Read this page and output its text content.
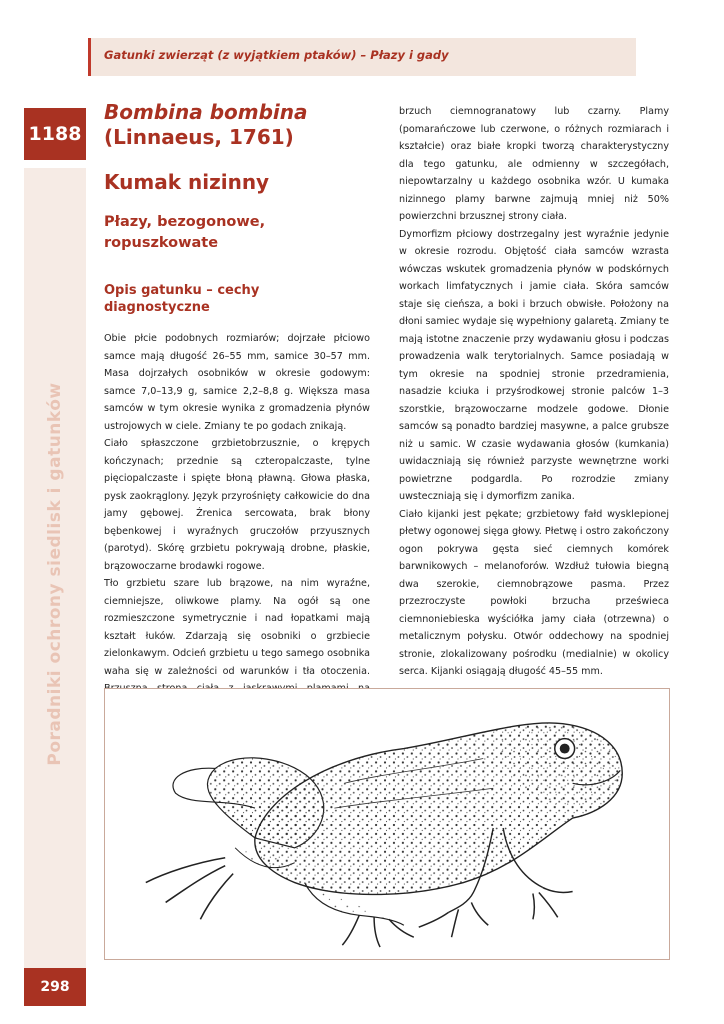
Gatunki zwierząt (z wyjątkiem ptaków) – Płazy i gady
1188
Poradniki ochrony siedlisk i gatunków
298
Bombina bombina
(Linnaeus, 1761)
Kumak nizinny
Płazy, bezogonowe,
ropuszkowate
Opis gatunku – cechy
diagnostyczne

Obie płcie podobnych rozmiarów; dojrzałe płciowo samce mają długość 26–55 mm, samice 30–57 mm. Masa dojrzałych osobników w okresie godowym: samce 7,0–13,9 g, samice 2,2–8,8 g. Większa masa samców w tym okresie wynika z gromadzenia płynów ustrojowych w ciele. Zmiany te po godach znikają.

Ciało spłaszczone grzbietobrzusznie, o krępych kończynach; przednie są czteropalczaste, tylne pięciopalczaste i spięte błoną pławną. Głowa płaska, pysk zaokrąglony. Język przyrośnięty całkowicie do dna jamy gębowej. Źrenica sercowata, brak błony bębenkowej i wyraźnych gruczołów przyusznych (parotyd). Skórę grzbietu pokrywają drobne, płaskie, brązowoczarne brodawki rogowe.

Tło grzbietu szare lub brązowe, na nim wyraźne, ciemniejsze, oliwkowe plamy. Na ogół są one rozmieszczone symetrycznie i nad łopatkami mają kształt łuków. Zdarzają się osobniki o grzbiecie zielonkawym. Odcień grzbietu u tego samego osobnika waha się w zależności od warunków i tła otoczenia.

brzuch ciemnogranatowy lub czarny. Plamy (pomarańczowe lub czerwone, o różnych rozmiarach i kształcie) oraz białe kropki tworzą charakterystyczny dla tego gatunku, ale odmienny w szczegółach, niepowtarzalny u każdego osobnika wzór. U kumaka nizinnego plamy barwne zajmują mniej niż 50% powierzchni brzusznej strony ciała.

Dymorfizm płciowy dostrzegalny jest wyraźnie jedynie w okresie rozrodu. Objętość ciała samców wzrasta wówczas wskutek gromadzenia płynów w podskórnych workach limfatycznych i jamie ciała. Skóra samców staje się cieńsza, a boki i brzuch obwisłe. Położony na dłoni samiec wydaje się wypełniony galaretą. Zmiany te mają istotne znaczenie przy wydawaniu głosu i podczas prowadzenia walk terytorialnych. Samce posiadają w tym okresie na spodniej stronie przedramienia, nasadzie kciuka i przyśrodkowej stronie palców 1–3 szorstkie, brązowoczarne modzele godowe. Dłonie samców są ponadto bardziej masywne, a palce grubsze niż u samic. W czasie wydawania głosów (kumkania) uwidaczniają się również parzyste wewnętrzne worki powietrzne podgardla. Po rozrodzie zmiany uwsteczniają się i dymorfizm zanika.

Ciało kijanki jest pękate; grzbietowy fałd wysklepionej płetwy ogonowej sięga głowy. Płetwę i ostro zakończony ogon pokrywa gęsta sieć ciemnych komórek barwnikowych – melanoforów. Wzdłuż tułowia biegną dwa szerokie, ciemnobrązowe pasma. Przez przezroczyste powłoki brzucha prześwieca ciemnoniebieska wyściółka jamy ciała (otrzewna) o metalicznym połysku. Otwór oddechowy na spodniej stronie, zlokalizowany pośrodku (medialnie) w okolicy serca. Kijanki osiągają długość 45–55 mm.
